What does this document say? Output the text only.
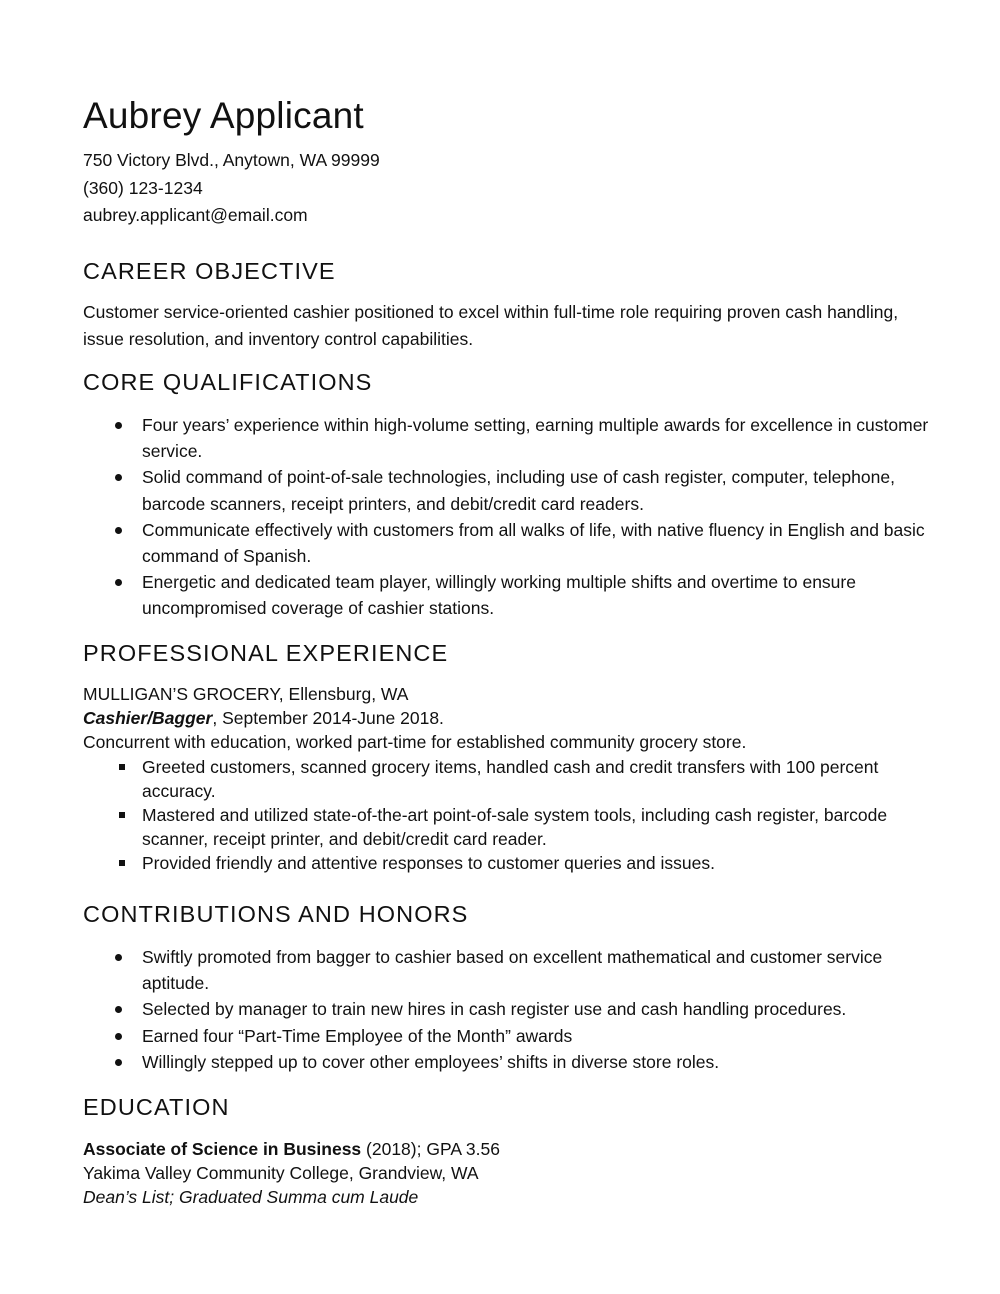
Aubrey Applicant
750 Victory Blvd., Anytown, WA 99999
(360) 123-1234
aubrey.applicant@email.com
CAREER OBJECTIVE
Customer service-oriented cashier positioned to excel within full-time role requiring proven cash handling, issue resolution, and inventory control capabilities.
CORE QUALIFICATIONS
Four years’ experience within high-volume setting, earning multiple awards for excellence in customer service.
Solid command of point-of-sale technologies, including use of cash register, computer, telephone, barcode scanners, receipt printers, and debit/credit card readers.
Communicate effectively with customers from all walks of life, with native fluency in English and basic command of Spanish.
Energetic and dedicated team player, willingly working multiple shifts and overtime to ensure uncompromised coverage of cashier stations.
PROFESSIONAL EXPERIENCE
MULLIGAN’S GROCERY, Ellensburg, WA
Cashier/Bagger, September 2014-June 2018.
Concurrent with education, worked part-time for established community grocery store.
Greeted customers, scanned grocery items, handled cash and credit transfers with 100 percent accuracy.
Mastered and utilized state-of-the-art point-of-sale system tools, including cash register, barcode scanner, receipt printer, and debit/credit card reader.
Provided friendly and attentive responses to customer queries and issues.
CONTRIBUTIONS AND HONORS
Swiftly promoted from bagger to cashier based on excellent mathematical and customer service aptitude.
Selected by manager to train new hires in cash register use and cash handling procedures.
Earned four “Part-Time Employee of the Month” awards
Willingly stepped up to cover other employees’ shifts in diverse store roles.
EDUCATION
Associate of Science in Business (2018); GPA 3.56
Yakima Valley Community College, Grandview, WA
Dean’s List; Graduated Summa cum Laude
